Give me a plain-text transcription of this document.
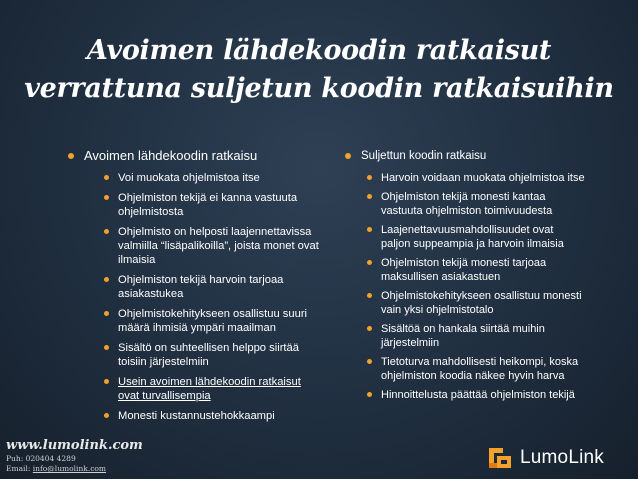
Avoimen lähdekoodin ratkaisut
verrattuna suljetun koodin ratkaisuihin
Avoimen lähdekoodin ratkaisu
Voi muokata ohjelmistoa itse
Ohjelmiston tekijä ei kanna vastuuta ohjelmistosta
Ohjelmisto on helposti laajennettavissa valmiilla “lisäpalikoilla”, joista monet ovat ilmaisia
Ohjelmiston tekijä harvoin tarjoaa asiakastukea
Ohjelmistokehitykseen osallistuu suuri määrä ihmisiä ympäri maailman
Sisältö on suhteellisen helppo siirtää toisiin järjestelmiin
Usein avoimen lähdekoodin ratkaisut ovat turvallisempia
Monesti kustannustehokkaampi
Suljettun koodin ratkaisu
Harvoin voidaan muokata ohjelmistoa itse
Ohjelmiston tekijä monesti kantaa vastuuta ohjelmiston toimivuudesta
Laajenettavuusmahdollisuudet ovat paljon suppeampia ja harvoin ilmaisia
Ohjelmiston tekijä monesti tarjoaa maksullisen asiakastuen
Ohjelmistokehitykseen osallistuu monesti vain yksi ohjelmistotalo
Sisältöä on hankala siirtää muihin järjestelmiin
Tietoturva mahdollisesti heikompi, koska ohjelmiston koodia näkee hyvin harva
Hinnoittelusta päättää ohjelmiston tekijä
www.lumolink.com
Puh: 020404 4289
Email: info@lumolink.com
LumoLink
